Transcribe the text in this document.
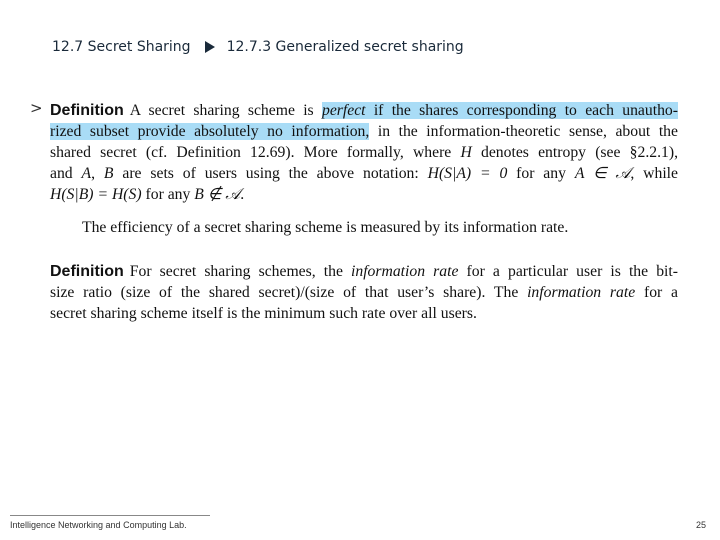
12.7 Secret Sharing	12.7.3 Generalized secret sharing
> Definition A secret sharing scheme is perfect if the shares corresponding to each unautho-
rized subset provide absolutely no information, in the information-theoretic sense, about the
shared secret (cf. Definition 12.69). More formally, where H denotes entropy (see §2.2.1),
and A, B are sets of users using the above notation: H(S|A) = 0 for any A ∈ 𝒜, while
H(S|B) = H(S) for any B ∉ 𝒜.
The efficiency of a secret sharing scheme is measured by its information rate.
Definition For secret sharing schemes, the information rate for a particular user is the bit-
size ratio (size of the shared secret)/(size of that user’s share). The information rate for a
secret sharing scheme itself is the minimum such rate over all users.
Intelligence Networking and Computing Lab.	25
